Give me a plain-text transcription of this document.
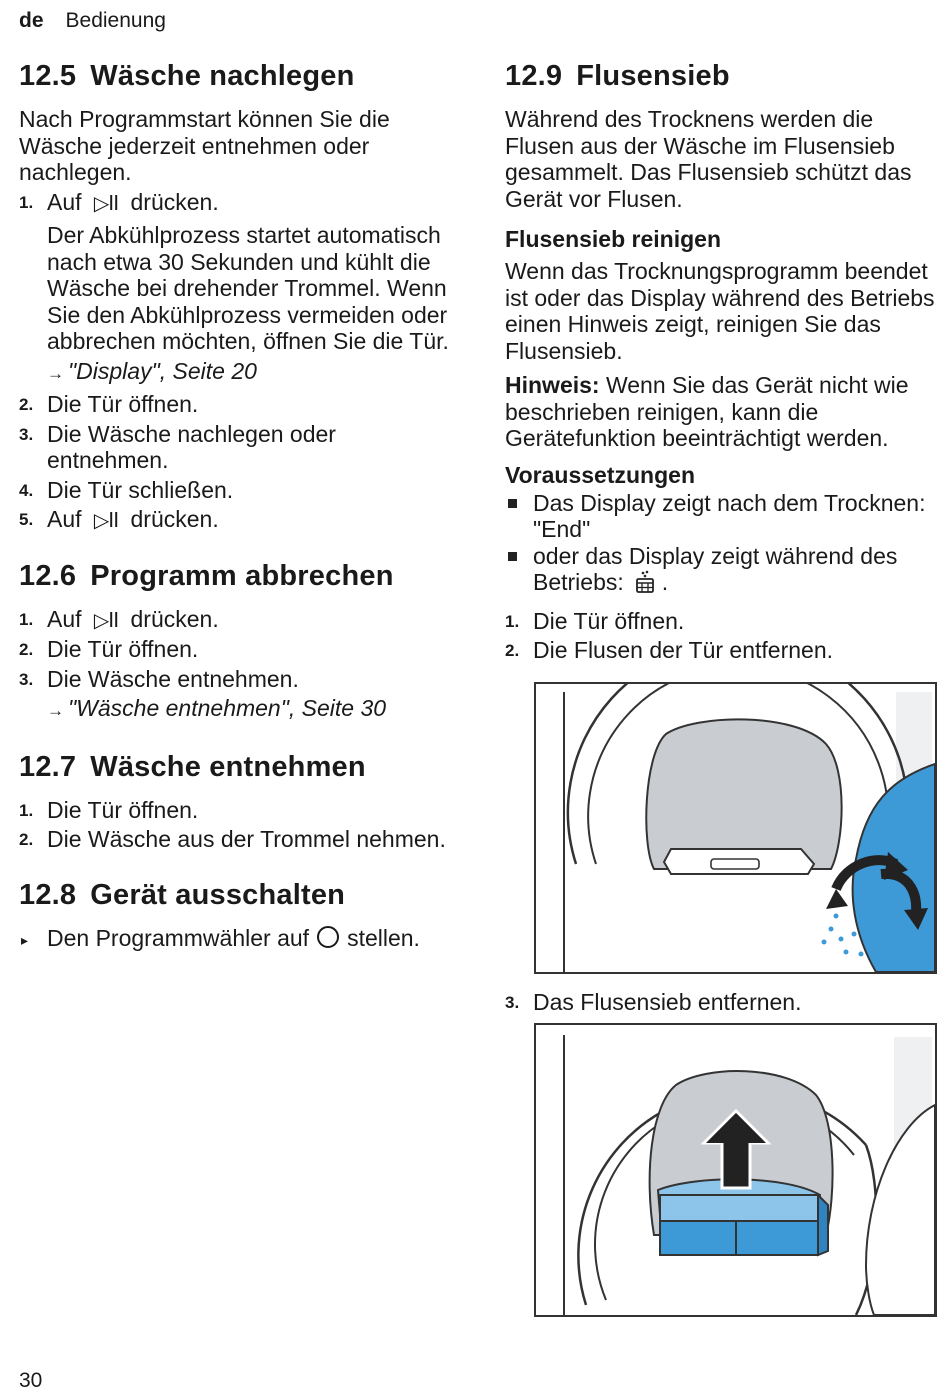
de Bedienung
12.5 Wäsche nachlegen

Nach Programmstart können Sie die Wäsche jederzeit entnehmen oder nachlegen.

1. Auf ▷II drücken.
Der Abkühlprozess startet automatisch nach etwa 30 Sekunden und kühlt die Wäsche bei drehender Trommel. Wenn Sie den Abkühlprozess vermeiden oder abbrechen möchten, öffnen Sie die Tür.
→ "Display", Seite 20
2. Die Tür öffnen.
3. Die Wäsche nachlegen oder entnehmen.
4. Die Tür schließen.
5. Auf ▷II drücken.
12.6 Programm abbrechen
1. Auf ▷II drücken.
2. Die Tür öffnen.
3. Die Wäsche entnehmen.
→ "Wäsche entnehmen", Seite 30
12.7 Wäsche entnehmen
1. Die Tür öffnen.
2. Die Wäsche aus der Trommel nehmen.
12.8 Gerät ausschalten
▸ Den Programmwähler auf stellen.
12.9 Flusensieb

Während des Trocknens werden die Flusen aus der Wäsche im Flusensieb gesammelt. Das Flusensieb schützt das Gerät vor Flusen.

Flusensieb reinigen

Wenn das Trocknungsprogramm beendet ist oder das Display während des Betriebs einen Hinweis zeigt, reinigen Sie das Flusensieb.

Hinweis: Wenn Sie das Gerät nicht wie beschrieben reinigen, kann die Gerätefunktion beeinträchtigt werden.

Voraussetzungen
Das Display zeigt nach dem Trocknen: "End"
oder das Display zeigt während des Betriebs: .
1. Die Tür öffnen.
2. Die Flusen der Tür entfernen.
3. Das Flusensieb entfernen.
30
